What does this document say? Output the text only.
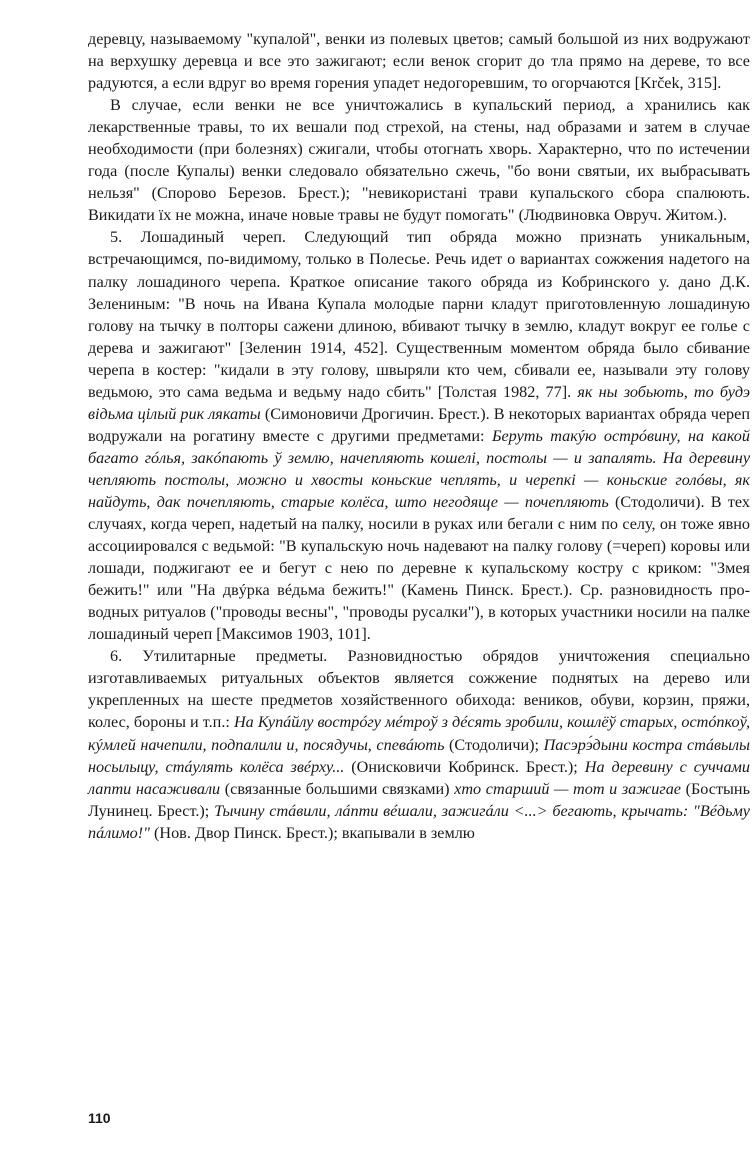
деревцу, называемому "купалой", венки из полевых цветов; самый большой из них водружают на верхушку деревца и все это зажигают; если венок сгорит до тла прямо на дереве, то все радуются, а если вдруг во время горения упадет недогоревшим, то огорчаются [Krček, 315].

В случае, если венки не все уничтожались в купальский период, а хранились как лекарственные травы, то их вешали под стрехой, на стены, над образами и затем в случае необходимости (при болезнях) сжигали, чтобы отогнать хворь. Характерно, что по истечении года (после Купалы) венки следовало обязательно сжечь, "бо вони святыи, их выбрасывать нельзя" (Спорово Березов. Брест.); "невикористані трави купальского сбора спалюють. Викидати їх не можна, иначе новые травы не будут помогать" (Людвиновка Овруч. Житом.).

5. Лошадиный череп. Следующий тип обряда можно признать уникальным, встречающимся, по-видимому, только в Полесье. Речь идет о вариантах сожжения надетого на палку лошадиного черепа. Краткое описание такого обряда из Кобринского у. дано Д.К. Зелениным: "В ночь на Ивана Купала молодые парни кладут приготовленную лошадиную голову на тычку в полторы сажени длиною, вбивают тычку в землю, кладут вокруг ее голье с дерева и зажигают" [Зеленин 1914, 452]. Существенным моментом обряда было сбивание черепа в костер: "кидали в эту голову, швыряли кто чем, сбивали ее, называли эту голову ведьмою, это сама ведьма и ведьму надо сбить" [Толстая 1982, 77]. як ны зобьють, то будэ відьма цілый рик лякаты (Симоновичи Дрогичин. Брест.). В некоторых вариантах обряда череп водружали на рогатину вместе с другими предметами: Беруть такýю острóвину, на какой багато гóлья, закóпають ў землю, начепляють кошелі, постолы — и запалять. На деревину чепляють постолы, можно и хвосты коньские чеплять, и черепкі — коньские голóвы, як найдуть, дак почепляють, старые колёса, што негодяще — почепляють (Стодоличи). В тех случаях, когда череп, надетый на палку, носили в руках или бегали с ним по селу, он тоже явно ассоциировался с ведьмой: "В купальскую ночь надевают на палку голову (=череп) коровы или лошади, поджигают ее и бегут с нею по деревне к купальскому костру с криком: "Змея бежить!" или "На двýрка вéдьма бежить!" (Камень Пинск. Брест.). Ср. разновидность проводных ритуалов ("проводы весны", "проводы русалки"), в которых участники носили на палке лошадиный череп [Максимов 1903, 101].

6. Утилитарные предметы. Разновидностью обрядов уничтожения специально изготавливаемых ритуальных объектов является сожжение поднятых на дерево или укрепленных на шесте предметов хозяйственного обихода: веников, обуви, корзин, пряжи, колес, бороны и т.п.: На Купáйлу вострóгу мéтроў з дéсять зробили, кошлёў старых, остóпкоў, кýмлей начепили, подпалили и, посядучы, спевáють (Стодоличи); Пасэрэ́дыни костра стáвылы носылыцу, стáулять колëса звéрху... (Онисковичи Кобринск. Брест.); На деревину с суччами лапти насаживали (связанные большими связками) хто старший — тот и зажигае (Бостынь Лунинец. Брест.); Тычину стáвили, лáпти вéшали, зажигáли <...> бегають, крычать: "Вéдьму пáлимо!" (Нов. Двор Пинск. Брест.); вкапывали в землю

110
